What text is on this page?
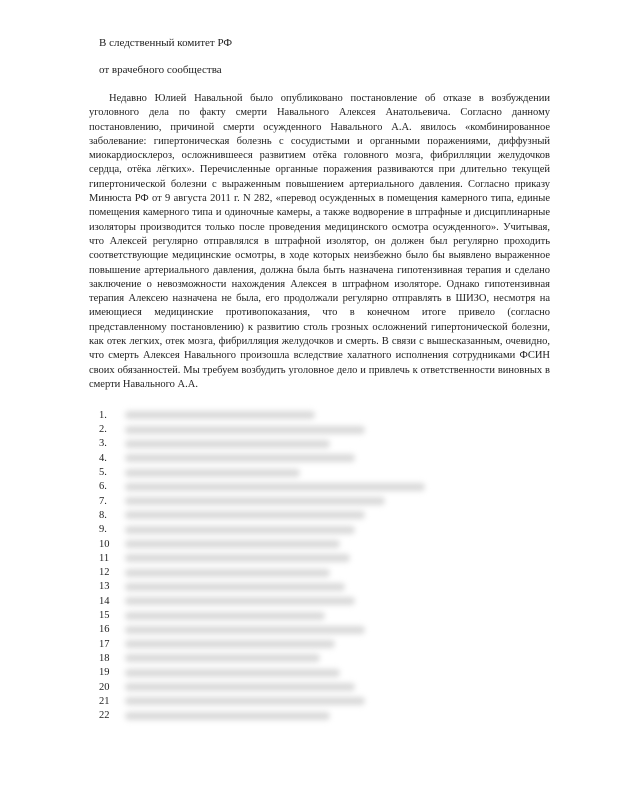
В следственный комитет РФ

от врачебного сообщества

Недавно Юлией Навальной было опубликовано постановление об отказе в возбуждении уголовного дела по факту смерти Навального Алексея Анатольевича. Согласно данному постановлению, причиной смерти осужденного Навального А.А. явилось «комбинированное заболевание: гипертоническая болезнь с сосудистыми и органными поражениями, диффузный миокардиосклероз, осложнившееся развитием отёка головного мозга, фибрилляции желудочков сердца, отёка лёгких». Перечисленные органные поражения развиваются при длительно текущей гипертонической болезни с выраженным повышением артериального давления. Согласно приказу Минюста РФ от 9 августа 2011 г. N 282, «перевод осужденных в помещения камерного типа, единые помещения камерного типа и одиночные камеры, а также водворение в штрафные и дисциплинарные изоляторы производится только после проведения медицинского осмотра осужденного». Учитывая, что Алексей регулярно отправлялся в штрафной изолятор, он должен был регулярно проходить соответствующие медицинские осмотры, в ходе которых неизбежно было бы выявлено выраженное повышение артериального давления, должна была быть назначена гипотензивная терапия и сделано заключение о невозможности нахождения Алексея в штрафном изоляторе. Однако гипотензивная терапия Алексею назначена не была, его продолжали регулярно отправлять в ШИЗО, несмотря на имеющиеся медицинские противопоказания, что в конечном итоге привело (согласно представленному постановлению) к развитию столь грозных осложнений гипертонической болезни, как отек легких, отек мозга, фибрилляция желудочков и смерть. В связи с вышесказанным, очевидно, что смерть Алексея Навального произошла вследствие халатного исполнения сотрудниками ФСИН своих обязанностей. Мы требуем возбудить уголовное дело и привлечь к ответственности виновных в смерти Навального А.А.

1.
2.
3.
4.
5.
6.
7.
8.
9.
10
11
12
13
14
15
16
17
18
19
20
21
22
